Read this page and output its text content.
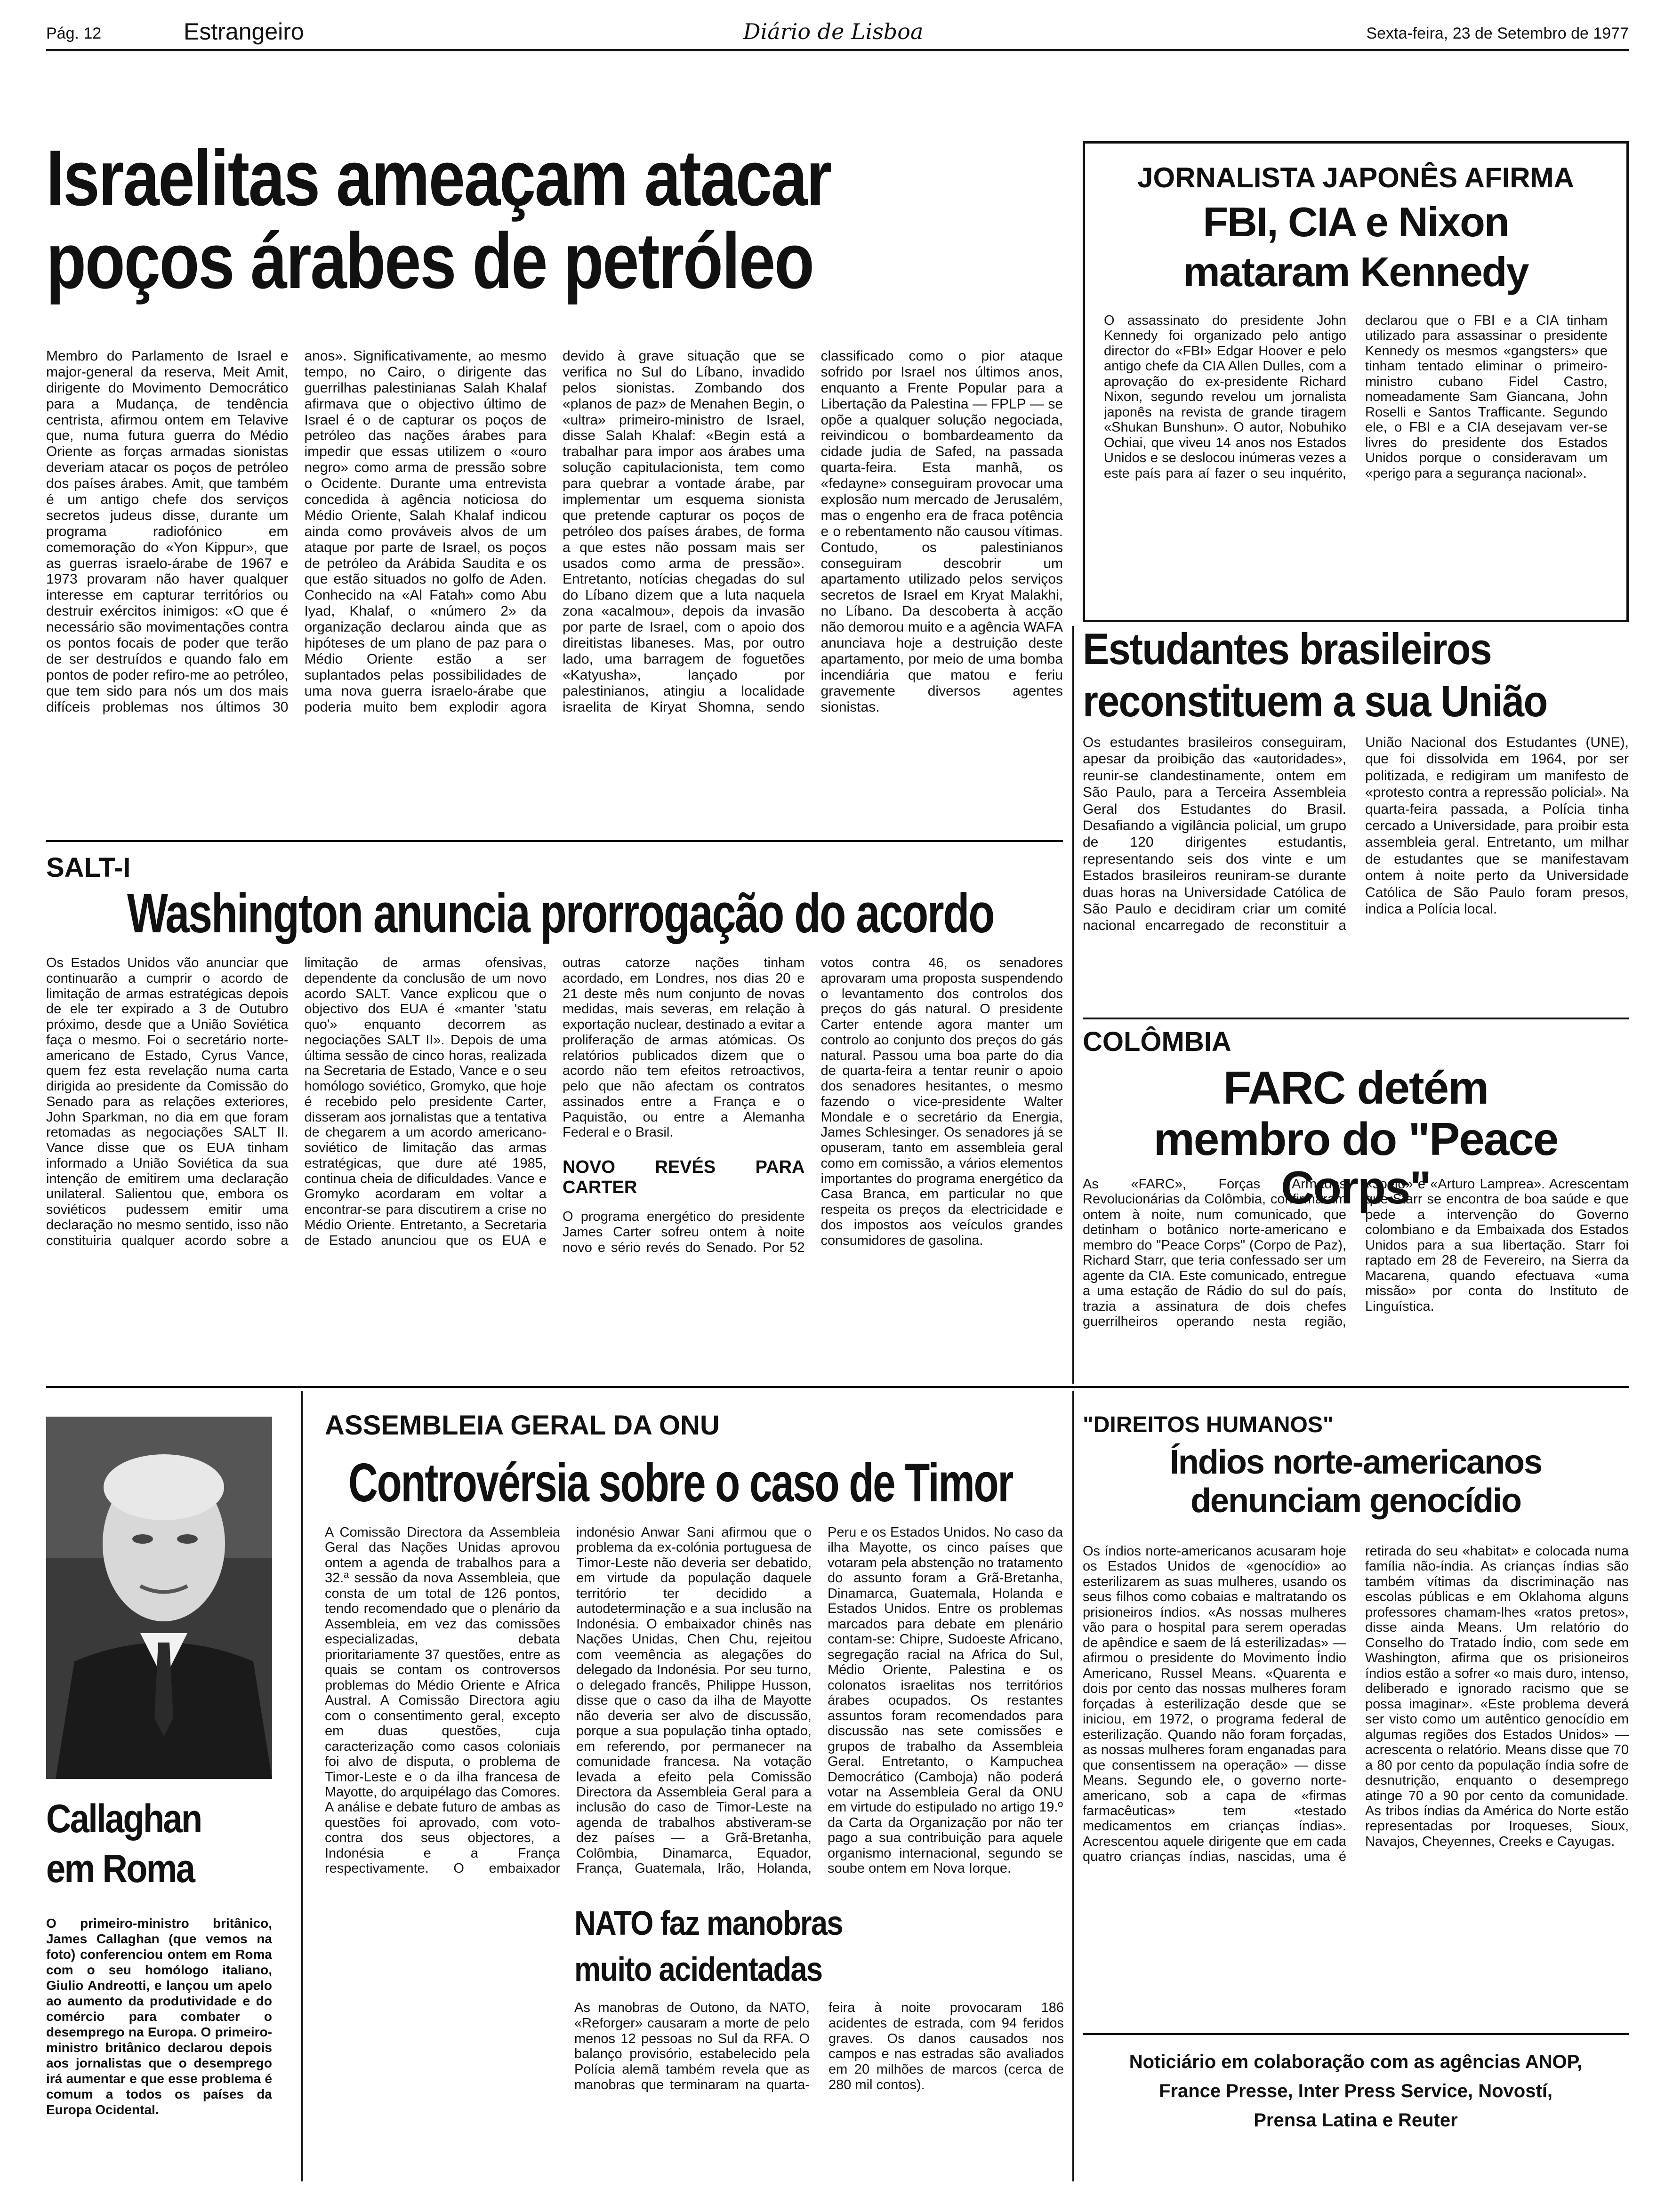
Pág. 12	Estrangeiro	Diário de Lisboa	Sexta-feira, 23 de Setembro de 1977
Israelitas ameaçam atacar
poços árabes de petróleo
Membro do Parlamento de Israel e major-general da reserva, Meit Amit, dirigente do Movimento Democrático para a Mudança, de tendência centrista, afirmou ontem em Telavive que, numa futura guerra do Médio Oriente as forças armadas sionistas deveriam atacar os poços de petróleo dos países árabes. Amit, que também é um antigo chefe dos serviços secretos judeus disse, durante um programa radiofónico em comemoração do «Yon Kippur», que as guerras israelo-árabe de 1967 e 1973 provaram não haver qualquer interesse em capturar territórios ou destruir exércitos inimigos: «O que é necessário são movimentações contra os pontos focais de poder que terão de ser destruídos e quando falo em pontos de poder refiro-me ao petróleo, que tem sido para nós um dos mais difíceis problemas nos últimos 30 anos». Significativamente, ao mesmo tempo, no Cairo, o dirigente das guerrilhas palestinianas Salah Khalaf afirmava que o objectivo último de Israel é o de capturar os poços de petróleo das nações árabes para impedir que essas utilizem o «ouro negro» como arma de pressão sobre o Ocidente. Durante uma entrevista concedida à agência noticiosa do Médio Oriente, Salah Khalaf indicou ainda como prováveis alvos de um ataque por parte de Israel, os poços de petróleo da Arábida Saudita e os que estão situados no golfo de Aden. Conhecido na «Al Fatah» como Abu Iyad, Khalaf, o «número 2» da organização declarou ainda que as hipóteses de um plano de paz para o Médio Oriente estão a ser suplantados pelas possibilidades de uma nova guerra israelo-árabe que poderia muito bem explodir agora devido à grave situação que se verifica no Sul do Líbano, invadido pelos sionistas. Zombando dos «planos de paz» de Menahen Begin, o «ultra» primeiro-ministro de Israel, disse Salah Khalaf: «Begin está a trabalhar para impor aos árabes uma solução capitulacionista, tem como para quebrar a vontade árabe, par implementar um esquema sionista que pretende capturar os poços de petróleo dos países árabes, de forma a que estes não possam mais ser usados como arma de pressão». Entretanto, notícias chegadas do sul do Líbano dizem que a luta naquela zona «acalmou», depois da invasão por parte de Israel, com o apoio dos direitistas libaneses. Mas, por outro lado, uma barragem de foguetões «Katyusha», lançado por palestinianos, atingiu a localidade israelita de Kiryat Shomna, sendo classificado como o pior ataque sofrido por Israel nos últimos anos, enquanto a Frente Popular para a Libertação da Palestina — FPLP — se opõe a qualquer solução negociada, reivindicou o bombardeamento da cidade judia de Safed, na passada quarta-feira. Esta manhã, os «fedayne» conseguiram provocar uma explosão num mercado de Jerusalém, mas o engenho era de fraca potência e o rebentamento não causou vítimas. Contudo, os palestinianos conseguiram descobrir um apartamento utilizado pelos serviços secretos de Israel em Kryat Malakhi, no Líbano. Da descoberta à acção não demorou muito e a agência WAFA anunciava hoje a destruição deste apartamento, por meio de uma bomba incendiária que matou e feriu gravemente diversos agentes sionistas.
JORNALISTA JAPONÊS AFIRMA
FBI, CIA e Nixon
mataram Kennedy
O assassinato do presidente John Kennedy foi organizado pelo antigo director do «FBI» Edgar Hoover e pelo antigo chefe da CIA Allen Dulles, com a aprovação do ex-presidente Richard Nixon, segundo revelou um jornalista japonês na revista de grande tiragem «Shukan Bunshun». O autor, Nobuhiko Ochiai, que viveu 14 anos nos Estados Unidos e se deslocou inúmeras vezes a este país para aí fazer o seu inquérito, declarou que o FBI e a CIA tinham utilizado para assassinar o presidente Kennedy os mesmos «gangsters» que tinham tentado eliminar o primeiro-ministro cubano Fidel Castro, nomeadamente Sam Giancana, John Roselli e Santos Trafficante. Segundo ele, o FBI e a CIA desejavam ver-se livres do presidente dos Estados Unidos porque o consideravam um «perigo para a segurança nacional».
Estudantes brasileiros
reconstituem a sua União
Os estudantes brasileiros conseguiram, apesar da proibição das «autoridades», reunir-se clandestinamente, ontem em São Paulo, para a Terceira Assembleia Geral dos Estudantes do Brasil. Desafiando a vigilância policial, um grupo de 120 dirigentes estudantis, representando seis dos vinte e um Estados brasileiros reuniram-se durante duas horas na Universidade Católica de São Paulo e decidiram criar um comité nacional encarregado de reconstituir a União Nacional dos Estudantes (UNE), que foi dissolvida em 1964, por ser politizada, e redigiram um manifesto de «protesto contra a repressão policial». Na quarta-feira passada, a Polícia tinha cercado a Universidade, para proibir esta assembleia geral. Entretanto, um milhar de estudantes que se manifestavam ontem à noite perto da Universidade Católica de São Paulo foram presos, indica a Polícia local.
SALT-I
Washington anuncia prorrogação do acordo
Os Estados Unidos vão anunciar que continuarão a cumprir o acordo de limitação de armas estratégicas depois de ele ter expirado a 3 de Outubro próximo, desde que a União Soviética faça o mesmo. Foi o secretário norte-americano de Estado, Cyrus Vance, quem fez esta revelação numa carta dirigida ao presidente da Comissão do Senado para as relações exteriores, John Sparkman, no dia em que foram retomadas as negociações SALT II. Vance disse que os EUA tinham informado a União Soviética da sua intenção de emitirem uma declaração unilateral. Salientou que, embora os soviéticos pudessem emitir uma declaração no mesmo sentido, isso não constituiria qualquer acordo sobre a limitação de armas ofensivas, dependente da conclusão de um novo acordo SALT. Vance explicou que o objectivo dos EUA é «manter 'statu quo'» enquanto decorrem as negociações SALT II». Depois de uma última sessão de cinco horas, realizada na Secretaria de Estado, Vance e o seu homólogo soviético, Gromyko, que hoje é recebido pelo presidente Carter, disseram aos jornalistas que a tentativa de chegarem a um acordo americano-soviético de limitação das armas estratégicas, que dure até 1985, continua cheia de dificuldades. Vance e Gromyko acordaram em voltar a encontrar-se para discutirem a crise no Médio Oriente. Entretanto, a Secretaria de Estado anunciou que os EUA e outras catorze nações tinham acordado, em Londres, nos dias 20 e 21 deste mês num conjunto de novas medidas, mais severas, em relação à exportação nuclear, destinado a evitar a proliferação de armas atómicas. Os relatórios publicados dizem que o acordo não tem efeitos retroactivos, pelo que não afectam os contratos assinados entre a França e o Paquistão, ou entre a Alemanha Federal e o Brasil.
NOVO REVÉS PARA CARTER
O programa energético do presidente James Carter sofreu ontem à noite novo e sério revés do Senado. Por 52 votos contra 46, os senadores aprovaram uma proposta suspendendo o levantamento dos controlos dos preços do gás natural. O presidente Carter entende agora manter um controlo ao conjunto dos preços do gás natural. Passou uma boa parte do dia de quarta-feira a tentar reunir o apoio dos senadores hesitantes, o mesmo fazendo o vice-presidente Walter Mondale e o secretário da Energia, James Schlesinger. Os senadores já se opuseram, tanto em assembleia geral como em comissão, a vários elementos importantes do programa energético da Casa Branca, em particular no que respeita os preços da electricidade e dos impostos aos veículos grandes consumidores de gasolina.
COLÔMBIA
FARC detém
membro do "Peace Corps"
As «FARC», Forças Armadas Revolucionárias da Colômbia, confirmaram ontem à noite, num comunicado, que detinham o botânico norte-americano e membro do "Peace Corps" (Corpo de Paz), Richard Starr, que teria confessado ser um agente da CIA. Este comunicado, entregue a uma estação de Rádio do sul do país, trazia a assinatura de dois chefes guerrilheiros operando nesta região, «Joelo» e «Arturo Lamprea». Acrescentam que Starr se encontra de boa saúde e que pede a intervenção do Governo colombiano e da Embaixada dos Estados Unidos para a sua libertação. Starr foi raptado em 28 de Fevereiro, na Sierra da Macarena, quando efectuava «uma missão» por conta do Instituto de Linguística.
Callaghan
em Roma
O primeiro-ministro britânico, James Callaghan (que vemos na foto) conferenciou ontem em Roma com o seu homólogo italiano, Giulio Andreotti, e lançou um apelo ao aumento da produtividade e do comércio para combater o desemprego na Europa. O primeiro-ministro britânico declarou depois aos jornalistas que o desemprego irá aumentar e que esse problema é comum a todos os países da Europa Ocidental.
ASSEMBLEIA GERAL DA ONU
Controvérsia sobre o caso de Timor
A Comissão Directora da Assembleia Geral das Nações Unidas aprovou ontem a agenda de trabalhos para a 32.ª sessão da nova Assembleia, que consta de um total de 126 pontos, tendo recomendado que o plenário da Assembleia, em vez das comissões especializadas, debata prioritariamente 37 questões, entre as quais se contam os controversos problemas do Médio Oriente e Africa Austral. A Comissão Directora agiu com o consentimento geral, excepto em duas questões, cuja caracterização como casos coloniais foi alvo de disputa, o problema de Timor-Leste e o da ilha francesa de Mayotte, do arquipélago das Comores. A análise e debate futuro de ambas as questões foi aprovado, com voto-contra dos seus objectores, a Indonésia e a França respectivamente. O embaixador indonésio Anwar Sani afirmou que o problema da ex-colónia portuguesa de Timor-Leste não deveria ser debatido, em virtude da população daquele território ter decidido a autodeterminação e a sua inclusão na Indonésia. O embaixador chinês nas Nações Unidas, Chen Chu, rejeitou com veemência as alegações do delegado da Indonésia. Por seu turno, o delegado francês, Philippe Husson, disse que o caso da ilha de Mayotte não deveria ser alvo de discussão, porque a sua população tinha optado, em referendo, por permanecer na comunidade francesa. Na votação levada a efeito pela Comissão Directora da Assembleia Geral para a inclusão do caso de Timor-Leste na agenda de trabalhos abstiveram-se dez países — a Grã-Bretanha, Colômbia, Dinamarca, Equador, França, Guatemala, Irão, Holanda, Peru e os Estados Unidos. No caso da ilha Mayotte, os cinco países que votaram pela abstenção no tratamento do assunto foram a Grã-Bretanha, Dinamarca, Guatemala, Holanda e Estados Unidos. Entre os problemas marcados para debate em plenário contam-se: Chipre, Sudoeste Africano, segregação racial na Africa do Sul, Médio Oriente, Palestina e os colonatos israelitas nos territórios árabes ocupados. Os restantes assuntos foram recomendados para discussão nas sete comissões e grupos de trabalho da Assembleia Geral. Entretanto, o Kampuchea Democrático (Camboja) não poderá votar na Assembleia Geral da ONU em virtude do estipulado no artigo 19.º da Carta da Organização por não ter pago a sua contribuição para aquele organismo internacional, segundo se soube ontem em Nova Iorque.
NATO faz manobras
muito acidentadas
As manobras de Outono, da NATO, «Reforger» causaram a morte de pelo menos 12 pessoas no Sul da RFA. O balanço provisório, estabelecido pela Polícia alemã também revela que as manobras que terminaram na quarta-feira à noite provocaram 186 acidentes de estrada, com 94 feridos graves. Os danos causados nos campos e nas estradas são avaliados em 20 milhões de marcos (cerca de 280 mil contos).
"DIREITOS HUMANOS"
Índios norte-americanos
denunciam genocídio
Os índios norte-americanos acusaram hoje os Estados Unidos de «genocídio» ao esterilizarem as suas mulheres, usando os seus filhos como cobaias e maltratando os prisioneiros índios. «As nossas mulheres vão para o hospital para serem operadas de apêndice e saem de lá esterilizadas» — afirmou o presidente do Movimento Índio Americano, Russel Means. «Quarenta e dois por cento das nossas mulheres foram forçadas à esterilização desde que se iniciou, em 1972, o programa federal de esterilização. Quando não foram forçadas, as nossas mulheres foram enganadas para que consentissem na operação» — disse Means. Segundo ele, o governo norte-americano, sob a capa de «firmas farmacêuticas» tem «testado medicamentos em crianças índias». Acrescentou aquele dirigente que em cada quatro crianças índias, nascidas, uma é retirada do seu «habitat» e colocada numa família não-índia. As crianças índias são também vítimas da discriminação nas escolas públicas e em Oklahoma alguns professores chamam-lhes «ratos pretos», disse ainda Means. Um relatório do Conselho do Tratado Índio, com sede em Washington, afirma que os prisioneiros índios estão a sofrer «o mais duro, intenso, deliberado e ignorado racismo que se possa imaginar». «Este problema deverá ser visto como um autêntico genocídio em algumas regiões dos Estados Unidos» — acrescenta o relatório. Means disse que 70 a 80 por cento da população índia sofre de desnutrição, enquanto o desemprego atinge 70 a 90 por cento da comunidade. As tribos índias da América do Norte estão representadas por Iroqueses, Sioux, Navajos, Cheyennes, Creeks e Cayugas.
Noticiário em colaboração com as agências ANOP,
France Presse, Inter Press Service, Novostí,
Prensa Latina e Reuter
